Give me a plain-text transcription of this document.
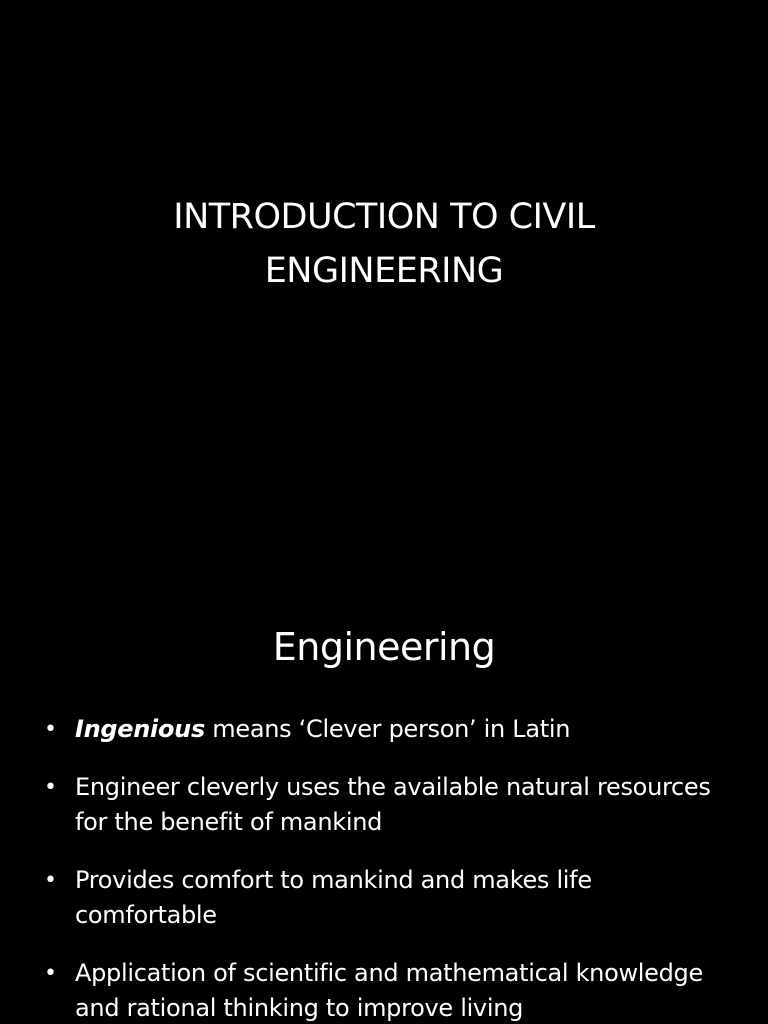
INTRODUCTION TO CIVIL
ENGINEERING
Engineering
• Ingenious means ‘Clever person’ in Latin
• Engineer cleverly uses the available natural resources for the benefit of mankind
• Provides comfort to mankind and makes life comfortable
• Application of scientific and mathematical knowledge and rational thinking to improve living
